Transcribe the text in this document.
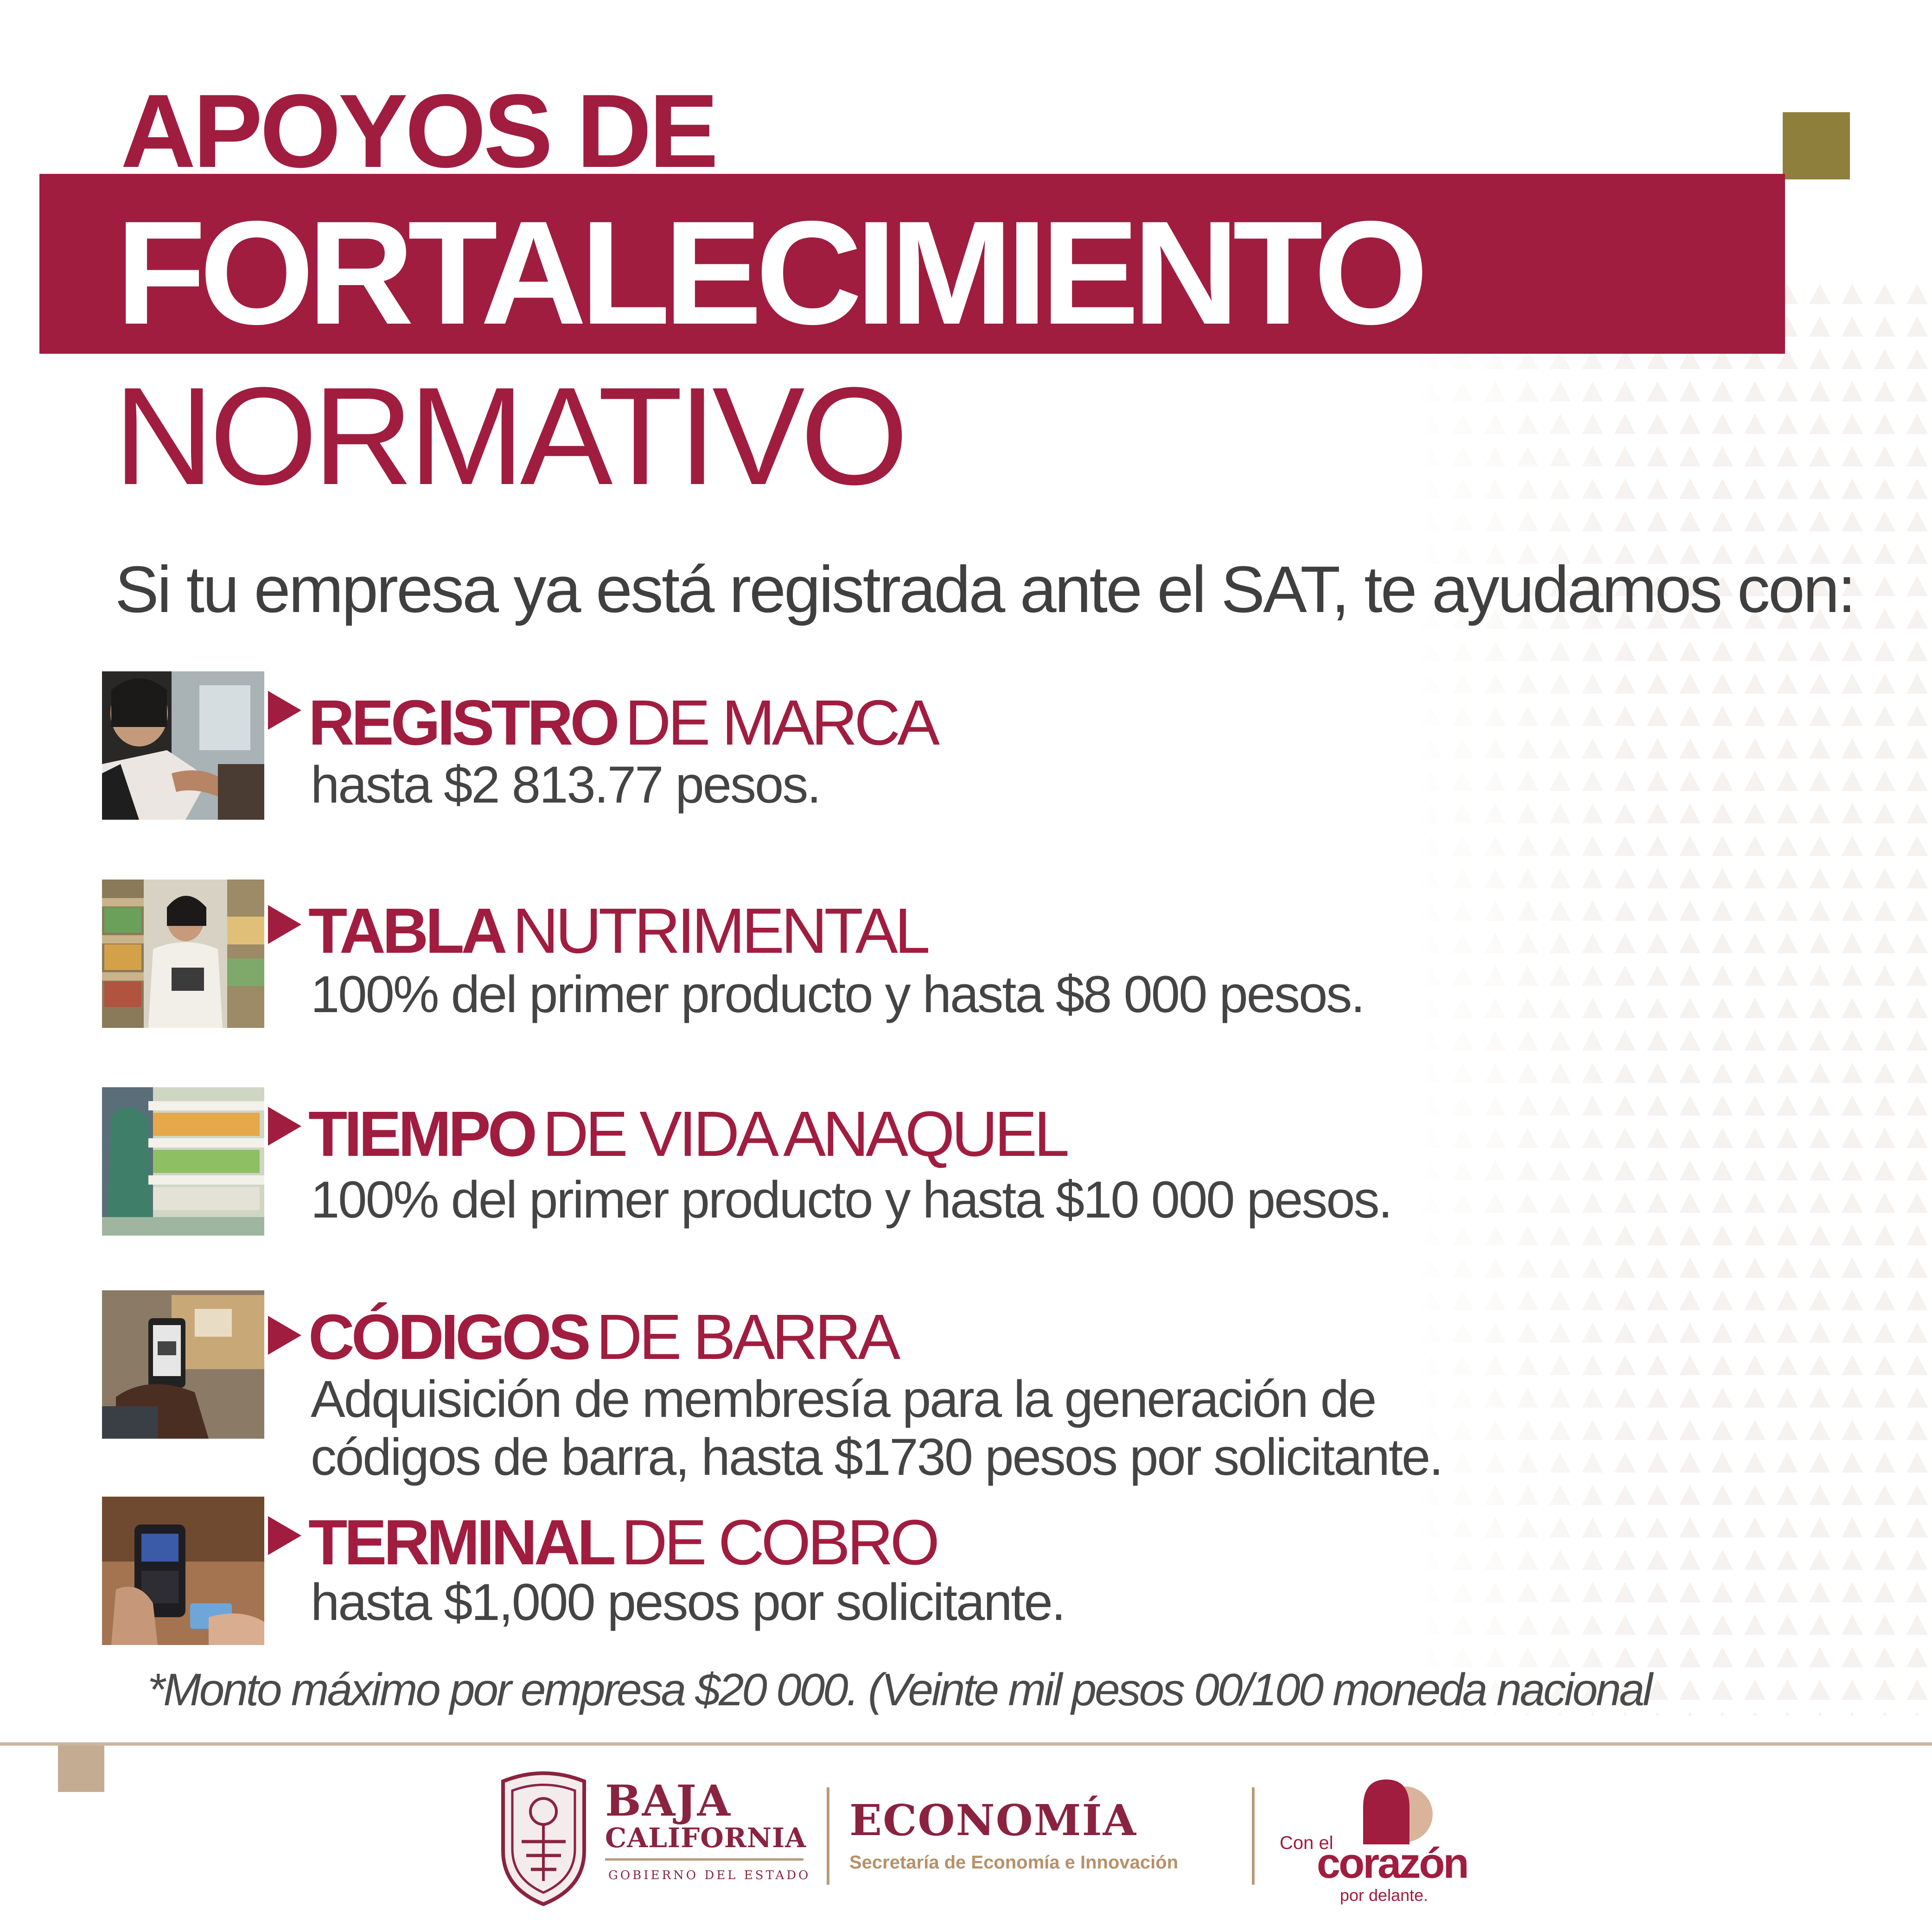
APOYOS DE
FORTALECIMIENTO
NORMATIVO

Si tu empresa ya está registrada ante el SAT, te ayudamos con:

REGISTRO DE MARCA

hasta $2 813.77 pesos.

TABLA NUTRIMENTAL

100% del primer producto y hasta $8 000 pesos.

TIEMPO DE VIDA ANAQUEL

100% del primer producto y hasta $10 000 pesos.

CÓDIGOS DE BARRA

Adquisición de membresía para la generación de

códigos de barra, hasta $1730 pesos por solicitante.

TERMINAL DE COBRO

hasta $1,000 pesos por solicitante.

*Monto máximo por empresa $20 000. (Veinte mil pesos 00/100 moneda nacional

BAJA

CALIFORNIA

GOBIERNO DEL ESTADO

ECONOMÍA

Secretaría de Economía e Innovación

Con el
corazón
por delante.
